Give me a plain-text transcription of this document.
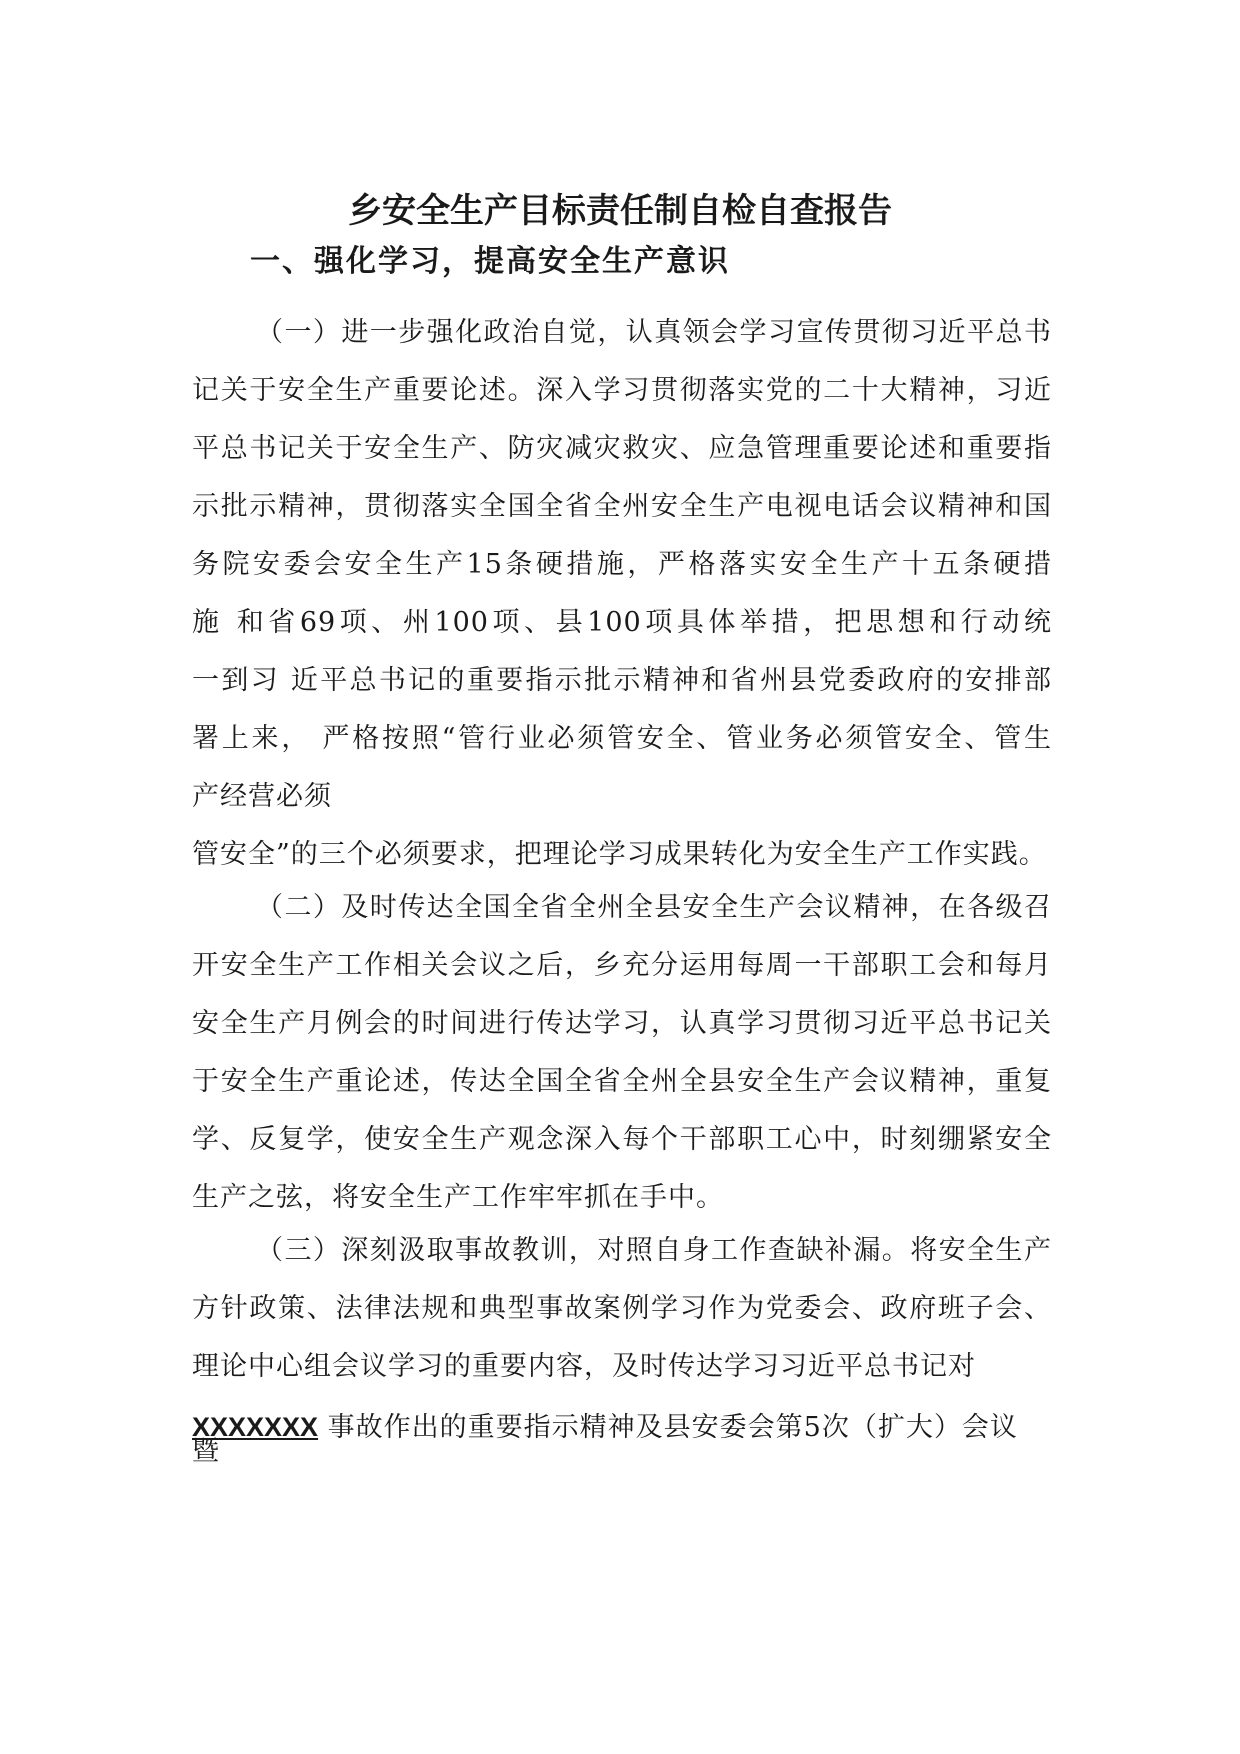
乡安全生产目标责任制自检自查报告
一、强化学习，提高安全生产意识
（一）进一步强化政治自觉，认真领会学习宣传贯彻习近平总书
记关于安全生产重要论述。深入学习贯彻落实党的二十大精神，习近
平总书记关于安全生产、防灾减灾救灾、应急管理重要论述和重要指
示批示精神，贯彻落实全国全省全州安全生产电视电话会议精神和国
务院安委会安全生产15条硬措施，严格落实安全生产十五条硬措
施 和省69项、州100项、县100项具体举措，把思想和行动统
一到习 近平总书记的重要指示批示精神和省州县党委政府的安排部
署上来， 严格按照“管行业必须管安全、管业务必须管安全、管生
产经营必须
管安全”的三个必须要求，把理论学习成果转化为安全生产工作实践。
（二）及时传达全国全省全州全县安全生产会议精神，在各级召
开安全生产工作相关会议之后，乡充分运用每周一干部职工会和每月
安全生产月例会的时间进行传达学习，认真学习贯彻习近平总书记关
于安全生产重论述，传达全国全省全州全县安全生产会议精神，重复
学、反复学，使安全生产观念深入每个干部职工心中，时刻绷紧安全
生产之弦，将安全生产工作牢牢抓在手中。
（三）深刻汲取事故教训，对照自身工作查缺补漏。将安全生产
方针政策、法律法规和典型事故案例学习作为党委会、政府班子会、
理论中心组会议学习的重要内容，及时传达学习习近平总书记对
XXXXXXX 事故作出的重要指示精神及县安委会第5次（扩大）会议
暨
